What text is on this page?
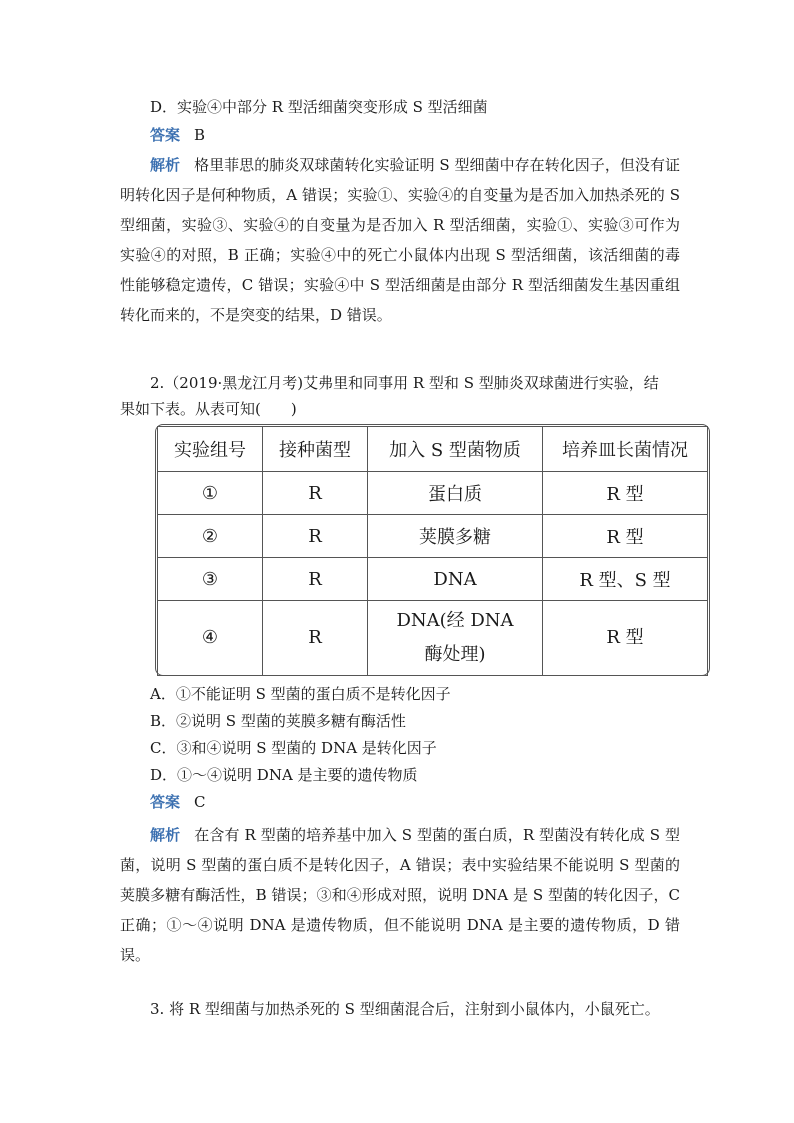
D．实验④中部分 R 型活细菌突变形成 S 型活细菌
答案 B
解析 格里菲思的肺炎双球菌转化实验证明 S 型细菌中存在转化因子，但没有证明转化因子是何种物质，A 错误；实验①、实验④的自变量为是否加入加热杀死的 S 型细菌，实验③、实验④的自变量为是否加入 R 型活细菌，实验①、实验③可作为实验④的对照，B 正确；实验④中的死亡小鼠体内出现 S 型活细菌，该活细菌的毒性能够稳定遗传，C 错误；实验④中 S 型活细菌是由部分 R 型活细菌发生基因重组转化而来的，不是突变的结果，D 错误。
2.（2019·黑龙江月考)艾弗里和同事用 R 型和 S 型肺炎双球菌进行实验，结
果如下表。从表可知(　　)
实验组号	接种菌型	加入 S 型菌物质	培养皿长菌情况
①	R	蛋白质	R 型
②	R	荚膜多糖	R 型
③	R	DNA	R 型、S 型
④	R	DNA(经 DNA 酶处理)	R 型
A．①不能证明 S 型菌的蛋白质不是转化因子
B．②说明 S 型菌的荚膜多糖有酶活性
C．③和④说明 S 型菌的 DNA 是转化因子
D．①～④说明 DNA 是主要的遗传物质
答案 C
解析 在含有 R 型菌的培养基中加入 S 型菌的蛋白质，R 型菌没有转化成 S 型菌，说明 S 型菌的蛋白质不是转化因子，A 错误；表中实验结果不能说明 S 型菌的荚膜多糖有酶活性，B 错误；③和④形成对照，说明 DNA 是 S 型菌的转化因子，C 正确；①～④说明 DNA 是遗传物质，但不能说明 DNA 是主要的遗传物质，D 错误。
3. 将 R 型细菌与加热杀死的 S 型细菌混合后，注射到小鼠体内，小鼠死亡。
